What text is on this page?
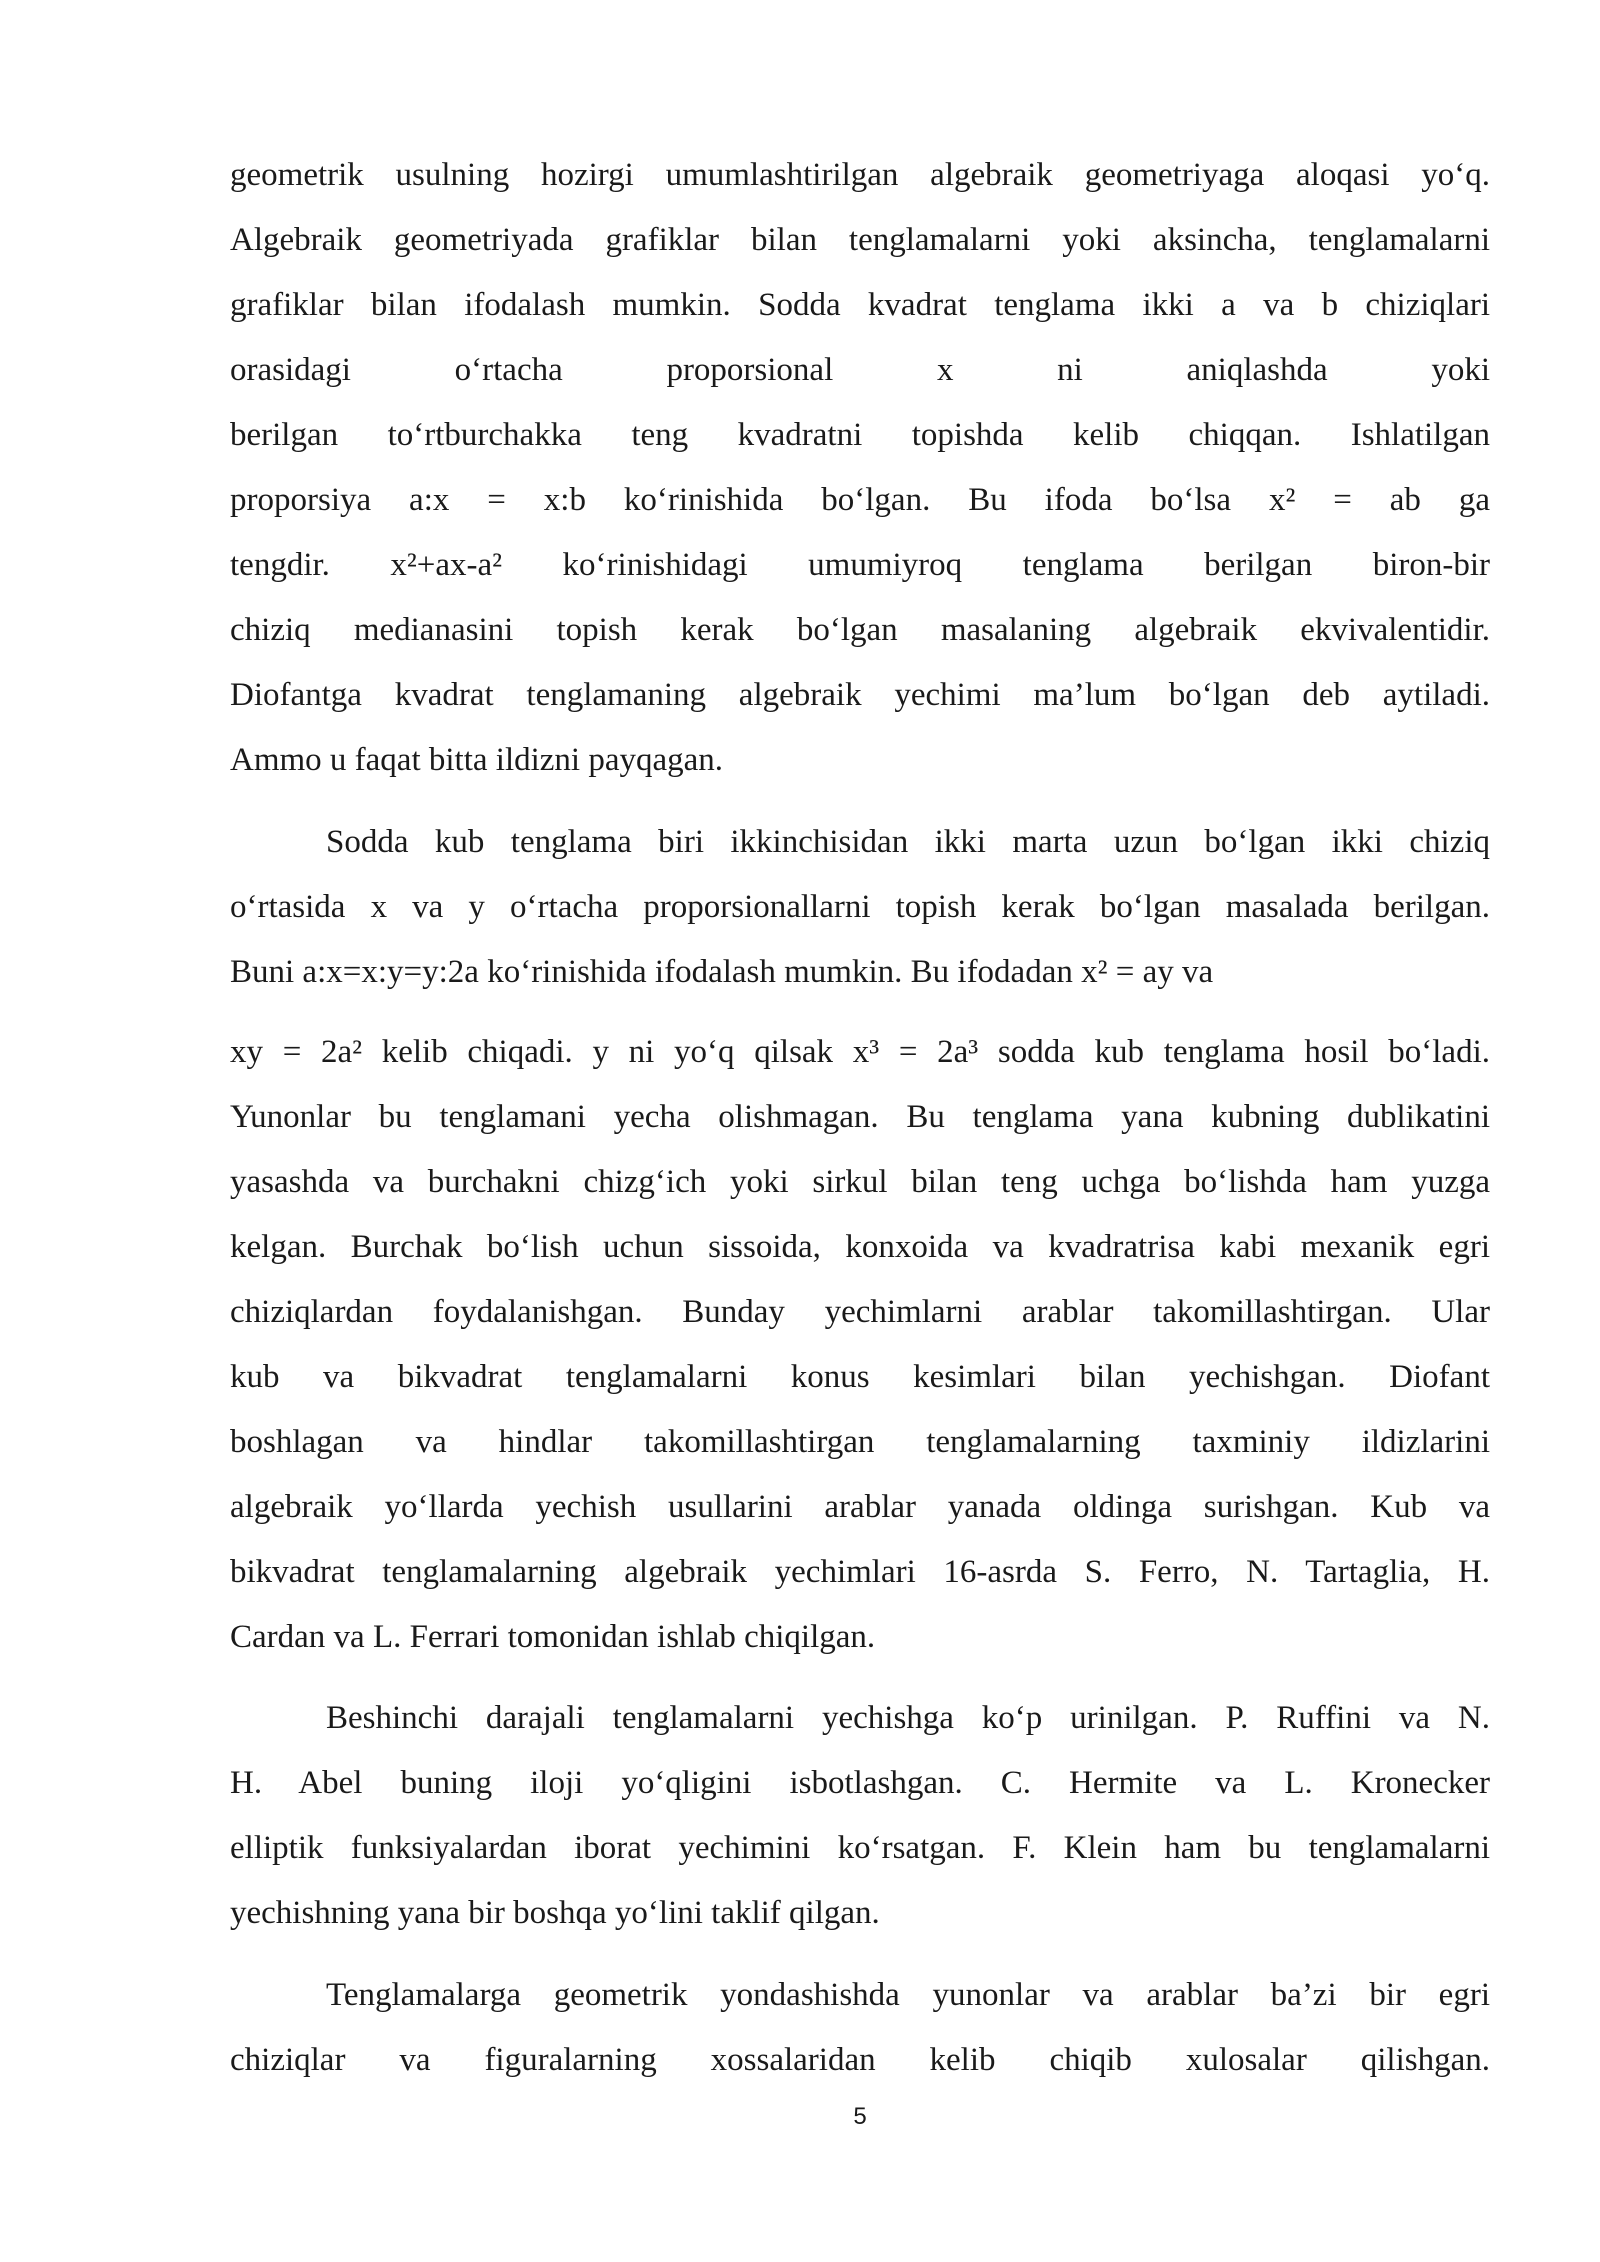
geometrik usulning hozirgi umumlashtirilgan algebraik geometriyaga aloqasi yo‘q.
Algebraik geometriyada grafiklar bilan tenglamalarni yoki aksincha, tenglamalarni
grafiklar bilan ifodalash mumkin. Sodda kvadrat tenglama ikki a va b chiziqlari
orasidagi o‘rtacha proporsional x ni aniqlashda yoki
berilgan to‘rtburchakka teng kvadratni topishda kelib chiqqan. Ishlatilgan
proporsiya a:x = x:b ko‘rinishida bo‘lgan. Bu ifoda bo‘lsa x² = ab ga
tengdir. x²+ax-a² ko‘rinishidagi umumiyroq tenglama berilgan biron-bir
chiziq medianasini topish kerak bo‘lgan masalaning algebraik ekvivalentidir.
Diofantga kvadrat tenglamaning algebraik yechimi ma’lum bo‘lgan deb aytiladi.
Ammo u faqat bitta ildizni payqagan.
Sodda kub tenglama biri ikkinchisidan ikki marta uzun bo‘lgan ikki chiziq
o‘rtasida x va y o‘rtacha proporsionallarni topish kerak bo‘lgan masalada berilgan.
Buni a:x=x:y=y:2a ko‘rinishida ifodalash mumkin. Bu ifodadan x² = ay va
xy = 2a² kelib chiqadi. y ni yo‘q qilsak x³ = 2a³ sodda kub tenglama hosil bo‘ladi.
Yunonlar bu tenglamani yecha olishmagan. Bu tenglama yana kubning dublikatini
yasashda va burchakni chizg‘ich yoki sirkul bilan teng uchga bo‘lishda ham yuzga
kelgan. Burchak bo‘lish uchun sissoida, konxoida va kvadratrisa kabi mexanik egri
chiziqlardan foydalanishgan. Bunday yechimlarni arablar takomillashtirgan. Ular
kub va bikvadrat tenglamalarni konus kesimlari bilan yechishgan. Diofant
boshlagan va hindlar takomillashtirgan tenglamalarning taxminiy ildizlarini
algebraik yo‘llarda yechish usullarini arablar yanada oldinga surishgan. Kub va
bikvadrat tenglamalarning algebraik yechimlari 16-asrda S. Ferro, N. Tartaglia, H.
Cardan va L. Ferrari tomonidan ishlab chiqilgan.
Beshinchi darajali tenglamalarni yechishga ko‘p urinilgan. P. Ruffini va N.
H. Abel buning iloji yo‘qligini isbotlashgan. C. Hermite va L. Kronecker
elliptik funksiyalardan iborat yechimini ko‘rsatgan. F. Klein ham bu tenglamalarni
yechishning yana bir boshqa yo‘lini taklif qilgan.
Tenglamalarga geometrik yondashishda yunonlar va arablar ba’zi bir egri
chiziqlar va figuralarning xossalaridan kelib chiqib xulosalar qilishgan.
5
